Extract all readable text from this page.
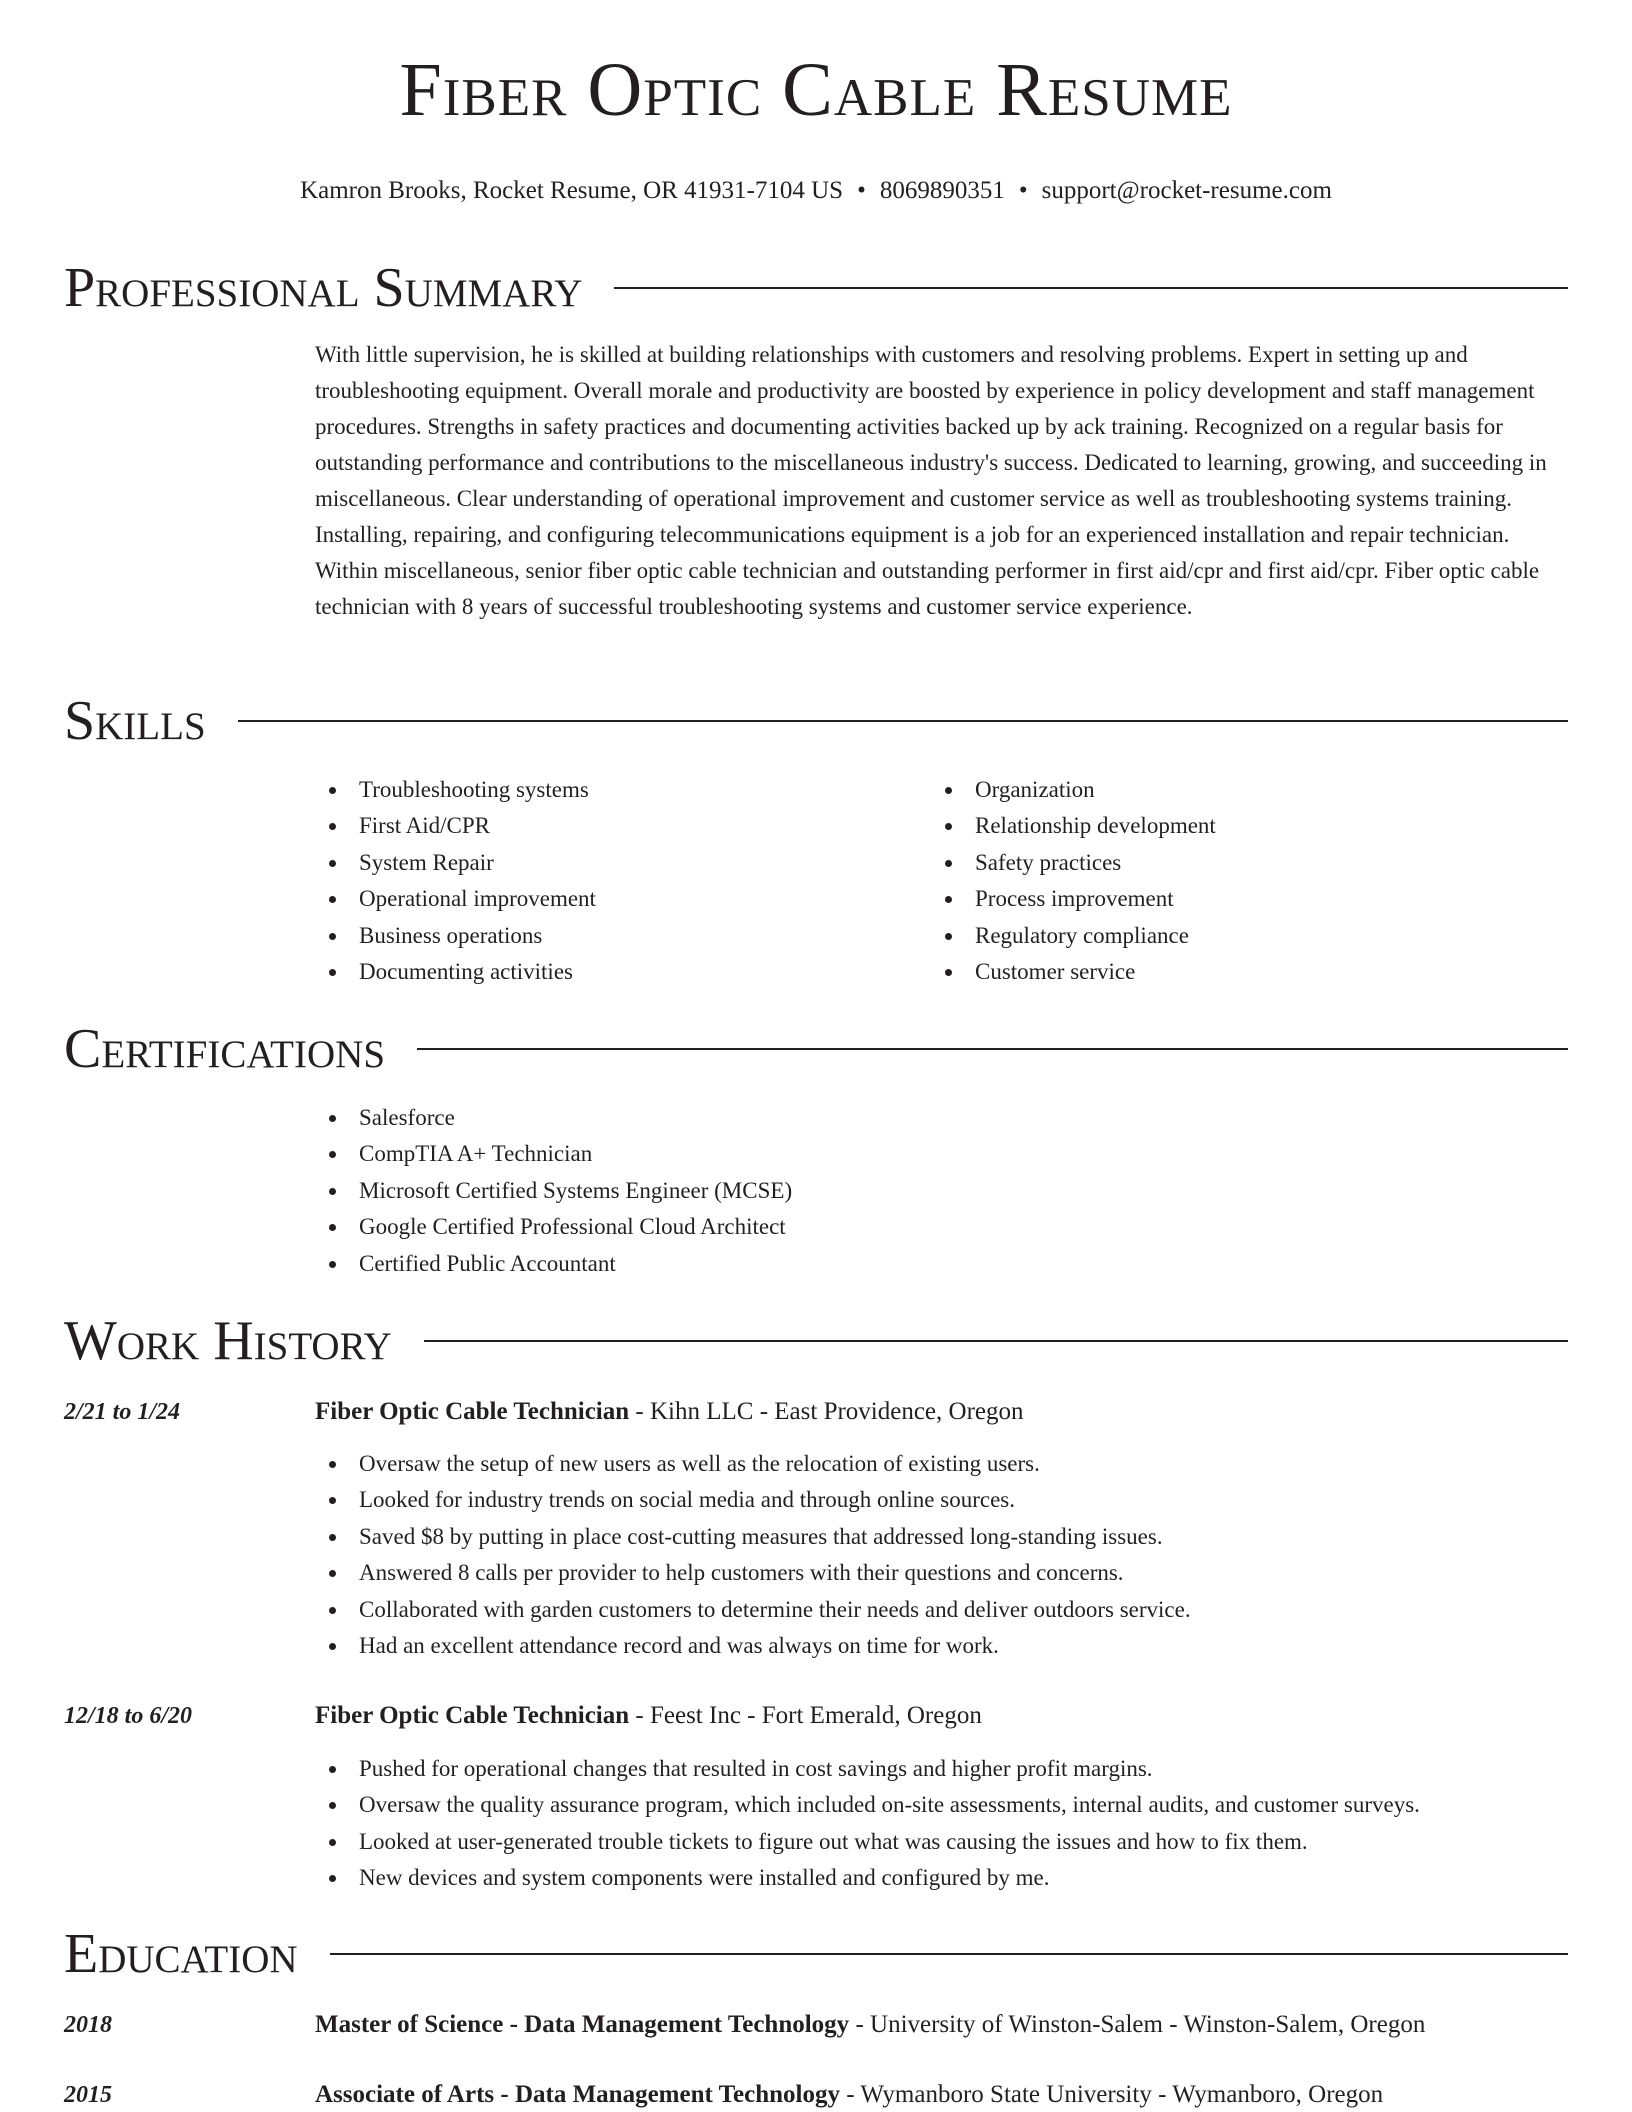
Fiber Optic Cable Resume
Kamron Brooks, Rocket Resume, OR 41931-7104 US • 8069890351 • support@rocket-resume.com
Professional Summary

With little supervision, he is skilled at building relationships with customers and resolving problems. Expert in setting up and troubleshooting equipment. Overall morale and productivity are boosted by experience in policy development and staff management procedures. Strengths in safety practices and documenting activities backed up by ack training. Recognized on a regular basis for outstanding performance and contributions to the miscellaneous industry's success. Dedicated to learning, growing, and succeeding in miscellaneous. Clear understanding of operational improvement and customer service as well as troubleshooting systems training. Installing, repairing, and configuring telecommunications equipment is a job for an experienced installation and repair technician. Within miscellaneous, senior fiber optic cable technician and outstanding performer in first aid/cpr and first aid/cpr. Fiber optic cable technician with 8 years of successful troubleshooting systems and customer service experience.

Skills
Troubleshooting systems
First Aid/CPR
System Repair
Operational improvement
Business operations
Documenting activities
Organization
Relationship development
Safety practices
Process improvement
Regulatory compliance
Customer service
Certifications
Salesforce
CompTIA A+ Technician
Microsoft Certified Systems Engineer (MCSE)
Google Certified Professional Cloud Architect
Certified Public Accountant
Work History
2/21 to 1/24	Fiber Optic Cable Technician - Kihn LLC - East Providence, Oregon
Oversaw the setup of new users as well as the relocation of existing users.
Looked for industry trends on social media and through online sources.
Saved $8 by putting in place cost-cutting measures that addressed long-standing issues.
Answered 8 calls per provider to help customers with their questions and concerns.
Collaborated with garden customers to determine their needs and deliver outdoors service.
Had an excellent attendance record and was always on time for work.
12/18 to 6/20	Fiber Optic Cable Technician - Feest Inc - Fort Emerald, Oregon
Pushed for operational changes that resulted in cost savings and higher profit margins.
Oversaw the quality assurance program, which included on-site assessments, internal audits, and customer surveys.
Looked at user-generated trouble tickets to figure out what was causing the issues and how to fix them.
New devices and system components were installed and configured by me.
Education
2018	Master of Science - Data Management Technology - University of Winston-Salem - Winston-Salem, Oregon
2015	Associate of Arts - Data Management Technology - Wymanboro State University - Wymanboro, Oregon
